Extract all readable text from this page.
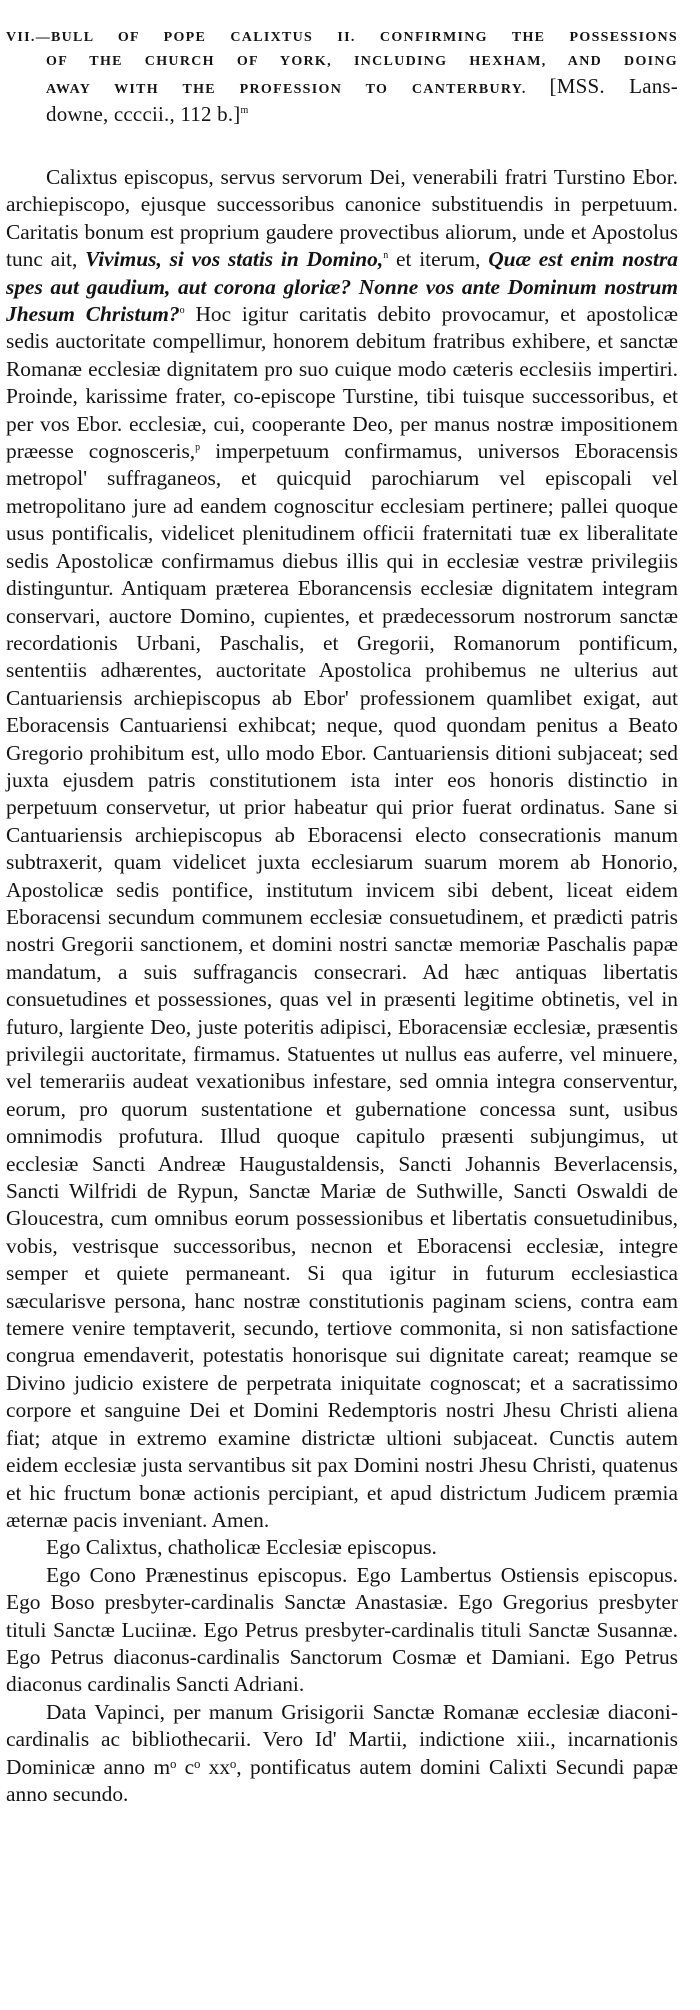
VII.—BULL OF POPE CALIXTUS II. CONFIRMING THE POSSESSIONS
OF THE CHURCH OF YORK, INCLUDING HEXHAM, AND DOING
AWAY WITH THE PROFESSION TO CANTERBURY. [MSS. Lans-
downe, ccccii., 112 b.]$^m$

Calixtus episcopus, servus servorum Dei, venerabili fratri Turstino Ebor. archiepiscopo, ejusque successoribus canonice substituendis in perpetuum. Caritatis bonum est proprium gaudere provectibus aliorum, unde et Apostolus tunc ait, Vivimus, si vos statis in Domino,$^n$ et iterum, Quæ est enim nostra spes aut gaudium, aut corona gloriæ? Nonne vos ante Dominum nostrum Jhesum Christum?$^o$ Hoc igitur caritatis debito provocamur, et apostolicæ sedis auctoritate compellimur, honorem debitum fratribus exhibere, et sanctæ Romanæ ecclesiæ dignitatem pro suo cuique modo cæteris ecclesiis impertiri. Proinde, karissime frater, co-episcope Turstine, tibi tuisque successoribus, et per vos Ebor. ecclesiæ, cui, cooperante Deo, per manus nostræ impositionem præesse cognosceris,$^p$ imperpetuum confirmamus, universos Eboracensis metropol' suffraganeos, et quicquid parochiarum vel episcopali vel metropolitano jure ad eandem cognoscitur ecclesiam pertinere; pallei quoque usus pontificalis, videlicet plenitudinem officii fraternitati tuæ ex liberalitate sedis Apostolicæ confirmamus diebus illis qui in ecclesiæ vestræ privilegiis distinguntur. Antiquam præterea Eborancensis ecclesiæ dignitatem integram conservari, auctore Domino, cupientes, et prædecessorum nostrorum sanctæ recordationis Urbani, Paschalis, et Gregorii, Romanorum pontificum, sententiis adhærentes, auctoritate Apostolica prohibemus ne ulterius aut Cantuariensis archiepiscopus ab Ebor' professionem quamlibet exigat, aut Eboracensis Cantuariensi exhibcat; neque, quod quondam penitus a Beato Gregorio prohibitum est, ullo modo Ebor. Cantuariensis ditioni subjaceat; sed juxta ejusdem patris constitutionem ista inter eos honoris distinctio in perpetuum conservetur, ut prior habeatur qui prior fuerat ordinatus. Sane si Cantuariensis archiepiscopus ab Eboracensi electo consecrationis manum subtraxerit, quam videlicet juxta ecclesiarum suarum morem ab Honorio, Apostolicæ sedis pontifice, institutum invicem sibi debent, liceat eidem Eboracensi secundum communem ecclesiæ consuetudinem, et prædicti patris nostri Gregorii sanctionem, et domini nostri sanctæ memoriæ Paschalis papæ mandatum, a suis suffragancis consecrari. Ad hæc antiquas libertatis consuetudines et possessiones, quas vel in præsenti legitime obtinetis, vel in futuro, largiente Deo, juste poteritis adipisci, Eboracensiæ ecclesiæ, præsentis privilegii auctoritate, firmamus. Statuentes ut nullus eas auferre, vel minuere, vel temerariis audeat vexationibus infestare, sed omnia integra conserventur, eorum, pro quorum sustentatione et gubernatione concessa sunt, usibus omnimodis profutura. Illud quoque capitulo præsenti subjungimus, ut ecclesiæ Sancti Andreæ Haugustaldensis, Sancti Johannis Beverlacensis, Sancti Wilfridi de Rypun, Sanctæ Mariæ de Suthwille, Sancti Oswaldi de Gloucestra, cum omnibus eorum possessionibus et libertatis consuetudinibus, vobis, vestrisque successoribus, necnon et Eboracensi ecclesiæ, integre semper et quiete permaneant. Si qua igitur in futurum ecclesiastica sæcularisve persona, hanc nostræ constitutionis paginam sciens, contra eam temere venire temptaverit, secundo, tertiove commonita, si non satisfactione congrua emendaverit, potestatis honorisque sui dignitate careat; reamque se Divino judicio existere de perpetrata iniquitate cognoscat; et a sacratissimo corpore et sanguine Dei et Domini Redemptoris nostri Jhesu Christi aliena fiat; atque in extremo examine districtæ ultioni subjaceat. Cunctis autem eidem ecclesiæ justa servantibus sit pax Domini nostri Jhesu Christi, quatenus et hic fructum bonæ actionis percipiant, et apud districtum Judicem præmia æternæ pacis inveniant. Amen.

Ego Calixtus, chatholicæ Ecclesiæ episcopus.

Ego Cono Prænestinus episcopus. Ego Lambertus Ostiensis episcopus. Ego Boso presbyter-cardinalis Sanctæ Anastasiæ. Ego Gregorius presbyter tituli Sanctæ Luciinæ. Ego Petrus presbyter-cardinalis tituli Sanctæ Susannæ. Ego Petrus diaconus-cardinalis Sanctorum Cosmæ et Damiani. Ego Petrus diaconus cardinalis Sancti Adriani.

Data Vapinci, per manum Grisigorii Sanctæ Romanæ ecclesiæ diaconi-cardinalis ac bibliothecarii. Vero Id' Martii, indictione xiii., incarnationis Dominicæ anno mᵒ cᵒ xxᵒ, pontificatus autem domini Calixti Secundi papæ anno secundo.
